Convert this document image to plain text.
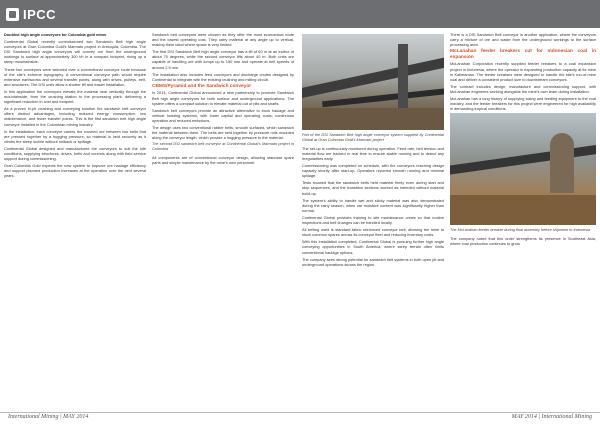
IPCC

Doubled high angle conveyors for Colombia gold miner

Continental Global recently commissioned two Sandwich Belt high angle conveyors at Gran Colombia Gold's Marmato project in Antioquia, Colombia. The DSI Sandwich high angle conveyors will convey ore from the underground workings to surface at approximately 300 t/h in a compact footprint, rising up a steep mountainside.

These two conveyors were selected over a conventional conveyor route because of the site's extreme topography. A conventional conveyor path would require extensive earthworks and several transfer points, along with drives, pulleys, belt, and structures. The DSI units allow a shorter lift and easier installation.

In this application the conveyors elevate the material near vertically through the mountainside, from the crushing station to the processing plant, delivering a significant reduction in cost and footprint.

As a proven in-pit crushing and conveying solution the sandwich belt conveyor offers distinct advantages, including reduced energy consumption, low maintenance, and fewer transfer points. This is the first sandwich belt high angle conveyor installed in the Colombian mining industry.

In the installation, each conveyor carries the crushed ore between two belts that are pressed together by a hugging pressure, so material is held securely as it climbs the steep incline without rollback or spillage.

Continental Global designed and manufactured the conveyors to suit the site conditions, supplying structures, drives, belts and controls along with field service support during commissioning.

Gran Colombia Gold expects the new system to improve ore haulage efficiency and support planned production increases at the operation over the next several years.

Sandwich belt conveyors were chosen as they offer the most economical route and the lowest operating cost. They carry material at any angle up to vertical, making them ideal where space is very limited.

The first DSI Sandwich Belt high angle conveyor has a lift of 60 m at an incline of about 70 degrees, while the second conveyor lifts about 40 m. Both units are capable of handling ore with lumps up to 150 mm and operate at belt speeds of around 2.5 m/s.

The installation also includes feed conveyors and discharge chutes designed by Continental to integrate with the existing crushing and milling circuit.

CBMS/Pyramid and the Sandwich conveyor

In 2013, Continental Global announced a new partnership to promote Sandwich Belt high angle conveyors for both surface and underground applications. The system offers a compact solution to elevate material out of pits and shafts.

Sandwich belt conveyors provide an attractive alternative to truck haulage and vertical hoisting systems, with lower capital and operating costs, continuous operation and reduced emissions.

The design uses two conventional rubber belts, smooth surfaced, which sandwich the material between them. The belts are held together by pressure rolls mounted along the conveyor length, which provide a hugging pressure to the material.

The second DSI sandwich belt conveyor at Continental Global's Marmato project in Colombia

All components are of conventional conveyor design, allowing standard spare parts and simple maintenance by the mine's own personnel.

Part of the DSI Sandwich Belt high angle conveyor system supplied by Continental Global at Gran Colombia Gold's Marmato project

The set-up is continuously monitored during operation. Feed rate, belt tension and material flow are tracked in real time to ensure stable running and to detect any irregularities early.

Commissioning was completed on schedule, with the conveyors reaching design capacity shortly after start-up. Operators reported smooth running and minimal spillage.

Tests showed that the sandwich belts held material firmly even during start and stop sequences, and the transition sections worked as intended without material build-up.

The system's ability to handle wet and sticky material was also demonstrated during the rainy season, when ore moisture content was significantly higher than normal.

Continental Global provides training to site maintenance crews so that routine inspections and belt changes can be handled locally.

All belting used is standard fabric reinforced conveyor belt, allowing the mine to stock common spares across its conveyor fleet and reducing inventory costs.

With this installation completed, Continental Global is pursuing further high angle conveying opportunities in South America, where steep terrain often limits conventional haulage options.

The company sees strong potential for sandwich belt systems in both open pit and underground operations across the region.

There is a DSI Sandwich Belt conveyor in another application, where the conveyors carry a mixture of ore and waste from the underground workings to the surface processing area.

McLanahan feeder breakers cut for Indonesian coal in expansion

McLanahan Corporation recently supplied feeder breakers to a coal expansion project in Indonesia, where the operator is expanding production capacity at its mine in Kalimantan. The feeder breakers were designed to handle the site's run-of-mine coal and deliver a consistent product size to downstream conveyors.

The contract includes design, manufacture and commissioning support, with McLanahan engineers working alongside the mine's own team during installation.

McLanahan has a long history of supplying sizing and feeding equipment to the coal industry, and the feeder breakers for this project were engineered for high availability in demanding tropical conditions.

The McLanahan feeder breaker during final assembly before shipment to Indonesia

The company noted that this order strengthens its presence in Southeast Asia, where coal production continues to grow.

International Mining | MAY 2014	MAY 2014 | International Mining
